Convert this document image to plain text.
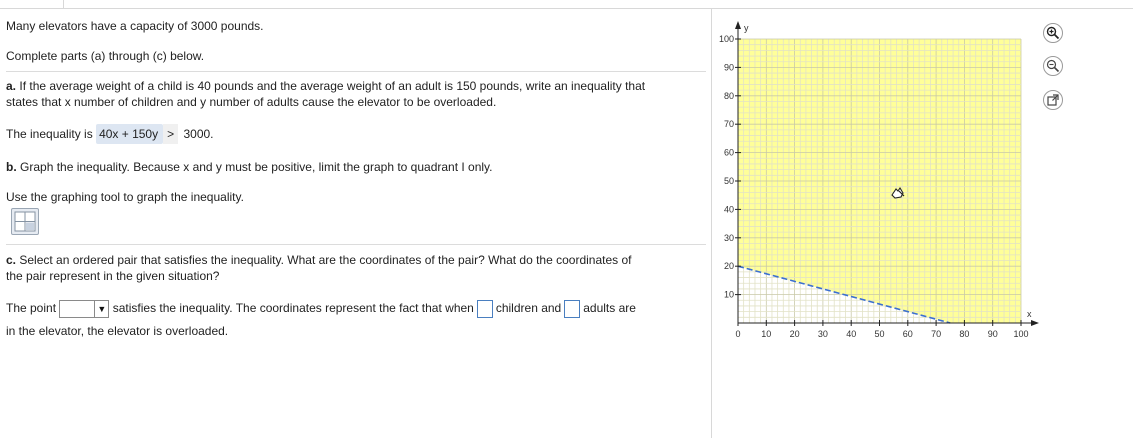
Many elevators have a capacity of 3000 pounds.
Complete parts (a) through (c) below.
a. If the average weight of a child is 40 pounds and the average weight of an adult is 150 pounds, write an inequality that
states that x number of children and y number of adults cause the elevator to be overloaded.
The inequality is 40x + 150y > 3000.
b. Graph the inequality. Because x and y must be positive, limit the graph to quadrant I only.
Use the graphing tool to graph the inequality.
c. Select an ordered pair that satisfies the inequality. What are the coordinates of the pair? What do the coordinates of
the pair represent in the given situation?
The point	▼ satisfies the inequality. The coordinates represent the fact that when children and adults are
in the elevator, the elevator is overloaded.
x
y
0 10 20 30 40 50 60 70 80 90 100
10
20
30
40
50
60
70
80
90
100
